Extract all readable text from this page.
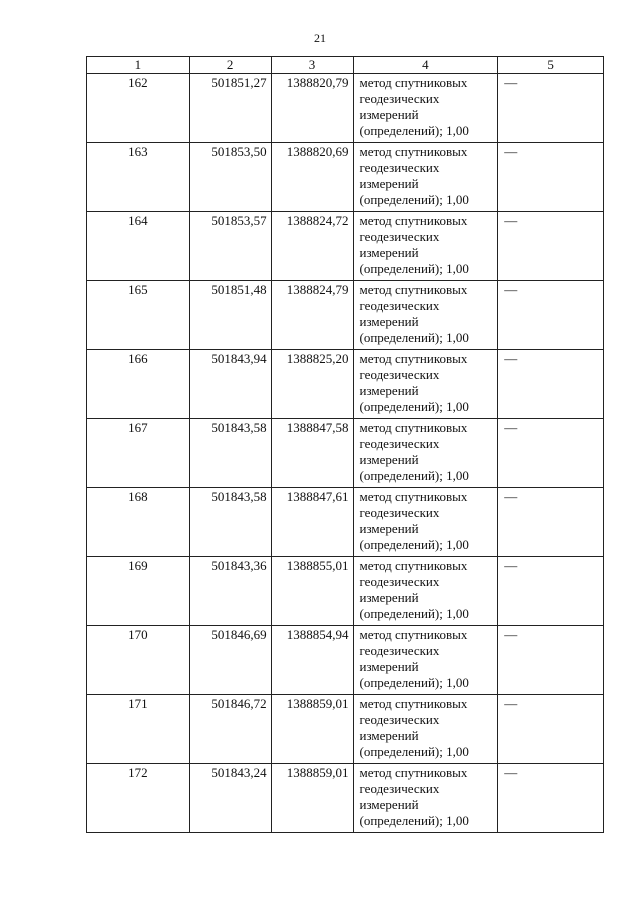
21
1	2	3	4	5
162	501851,27	1388820,79	метод спутниковых
геодезических
измерений
(определений); 1,00	—
163	501853,50	1388820,69	метод спутниковых
геодезических
измерений
(определений); 1,00	—
164	501853,57	1388824,72	метод спутниковых
геодезических
измерений
(определений); 1,00	—
165	501851,48	1388824,79	метод спутниковых
геодезических
измерений
(определений); 1,00	—
166	501843,94	1388825,20	метод спутниковых
геодезических
измерений
(определений); 1,00	—
167	501843,58	1388847,58	метод спутниковых
геодезических
измерений
(определений); 1,00	—
168	501843,58	1388847,61	метод спутниковых
геодезических
измерений
(определений); 1,00	—
169	501843,36	1388855,01	метод спутниковых
геодезических
измерений
(определений); 1,00	—
170	501846,69	1388854,94	метод спутниковых
геодезических
измерений
(определений); 1,00	—
171	501846,72	1388859,01	метод спутниковых
геодезических
измерений
(определений); 1,00	—
172	501843,24	1388859,01	метод спутниковых
геодезических
измерений
(определений); 1,00	—
